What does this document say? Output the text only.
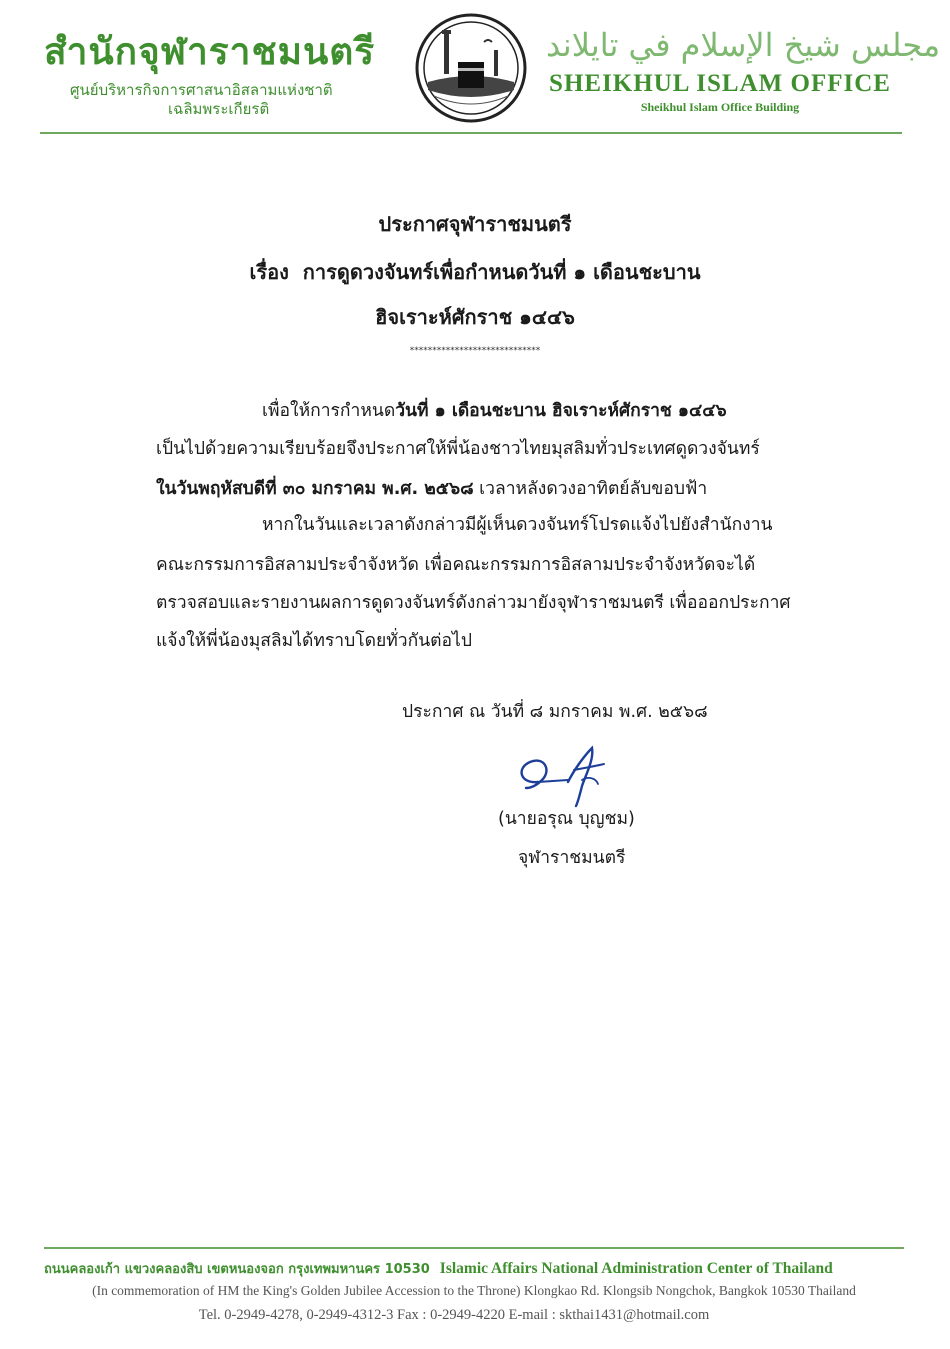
สำนักจุฬาราชมนตรี
ศูนย์บริหารกิจการศาสนาอิสลามแห่งชาติ
เฉลิมพระเกียรติ
مجلس شيخ الإسلام في تايلاند
SHEIKHUL ISLAM OFFICE
Sheikhul Islam Office Building
ประกาศจุฬาราชมนตรี
เรื่อง การดูดวงจันทร์เพื่อกำหนดวันที่ ๑ เดือนชะบาน
ฮิจเราะห์ศักราช ๑๔๔๖
*****************************
เพื่อให้การกำหนดวันที่ ๑ เดือนชะบาน ฮิจเราะห์ศักราช ๑๔๔๖
เป็นไปด้วยความเรียบร้อยจึงประกาศให้พี่น้องชาวไทยมุสลิมทั่วประเทศดูดวงจันทร์
ในวันพฤหัสบดีที่ ๓๐ มกราคม พ.ศ. ๒๕๖๘ เวลาหลังดวงอาทิตย์ลับขอบฟ้า
หากในวันและเวลาดังกล่าวมีผู้เห็นดวงจันทร์โปรดแจ้งไปยังสำนักงาน
คณะกรรมการอิสลามประจำจังหวัด เพื่อคณะกรรมการอิสลามประจำจังหวัดจะได้
ตรวจสอบและรายงานผลการดูดวงจันทร์ดังกล่าวมายังจุฬาราชมนตรี เพื่อออกประกาศ
แจ้งให้พี่น้องมุสลิมได้ทราบโดยทั่วกันต่อไป
ประกาศ ณ วันที่ ๘ มกราคม พ.ศ. ๒๕๖๘
(นายอรุณ บุญชม)
จุฬาราชมนตรี
ถนนคลองเก้า แขวงคลองสิบ เขตหนองจอก กรุงเทพมหานคร 10530 Islamic Affairs National Administration Center of Thailand
(In commemoration of HM the King's Golden Jubilee Accession to the Throne) Klongkao Rd. Klongsib Nongchok, Bangkok 10530 Thailand
Tel. 0-2949-4278, 0-2949-4312-3 Fax : 0-2949-4220 E-mail : skthai1431@hotmail.com
